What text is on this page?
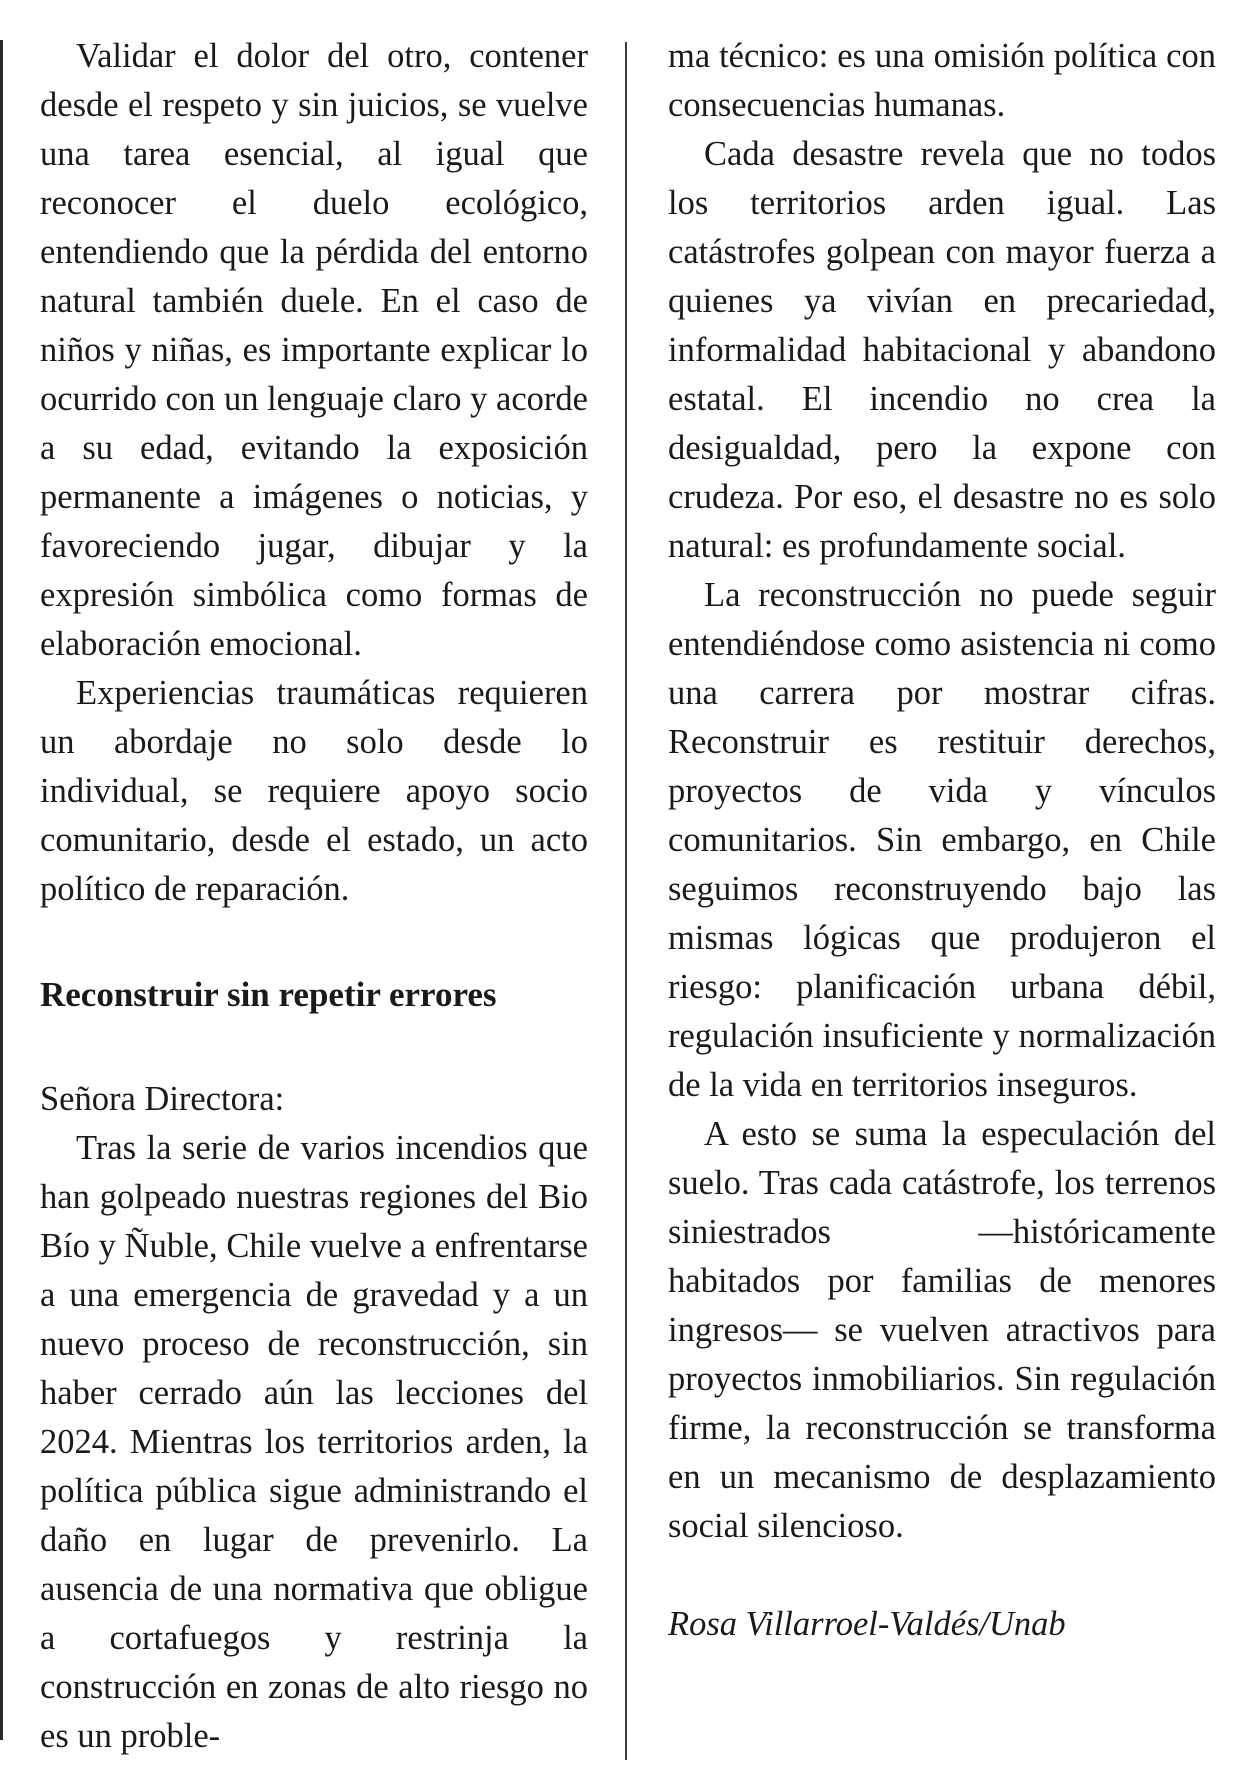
Validar el dolor del otro, contener desde el respeto y sin juicios, se vuelve una tarea esencial, al igual que reconocer el duelo ecológico, entendiendo que la pérdida del entorno natural también duele. En el caso de niños y niñas, es importante explicar lo ocurrido con un lenguaje claro y acorde a su edad, evitando la exposición permanente a imágenes o noticias, y favoreciendo jugar, dibujar y la expresión simbólica como formas de elaboración emocional.

Experiencias traumáticas requieren un abordaje no solo desde lo individual, se requiere apoyo socio comunitario, desde el estado, un acto político de reparación.

Reconstruir sin repetir errores

Señora Directora:

Tras la serie de varios incendios que han golpeado nuestras regiones del Bio Bío y Ñuble, Chile vuelve a enfrentarse a una emergencia de gravedad y a un nuevo proceso de reconstrucción, sin haber cerrado aún las lecciones del 2024. Mientras los territorios arden, la política pública sigue administrando el daño en lugar de prevenirlo. La ausencia de una normativa que obligue a cortafuegos y restrinja la construcción en zonas de alto riesgo no es un proble-

ma técnico: es una omisión política con consecuencias humanas.

Cada desastre revela que no todos los territorios arden igual. Las catástrofes golpean con mayor fuerza a quienes ya vivían en precariedad, informalidad habitacional y abandono estatal. El incendio no crea la desigualdad, pero la expone con crudeza. Por eso, el desastre no es solo natural: es profundamente social.

La reconstrucción no puede seguir entendiéndose como asistencia ni como una carrera por mostrar cifras. Reconstruir es restituir derechos, proyectos de vida y vínculos comunitarios. Sin embargo, en Chile seguimos reconstruyendo bajo las mismas lógicas que produjeron el riesgo: planificación urbana débil, regulación insuficiente y normalización de la vida en territorios inseguros.

A esto se suma la especulación del suelo. Tras cada catástrofe, los terrenos siniestrados —históricamente habitados por familias de menores ingresos— se vuelven atractivos para proyectos inmobiliarios. Sin regulación firme, la reconstrucción se transforma en un mecanismo de desplazamiento social silencioso.

Rosa Villarroel-Valdés/Unab
